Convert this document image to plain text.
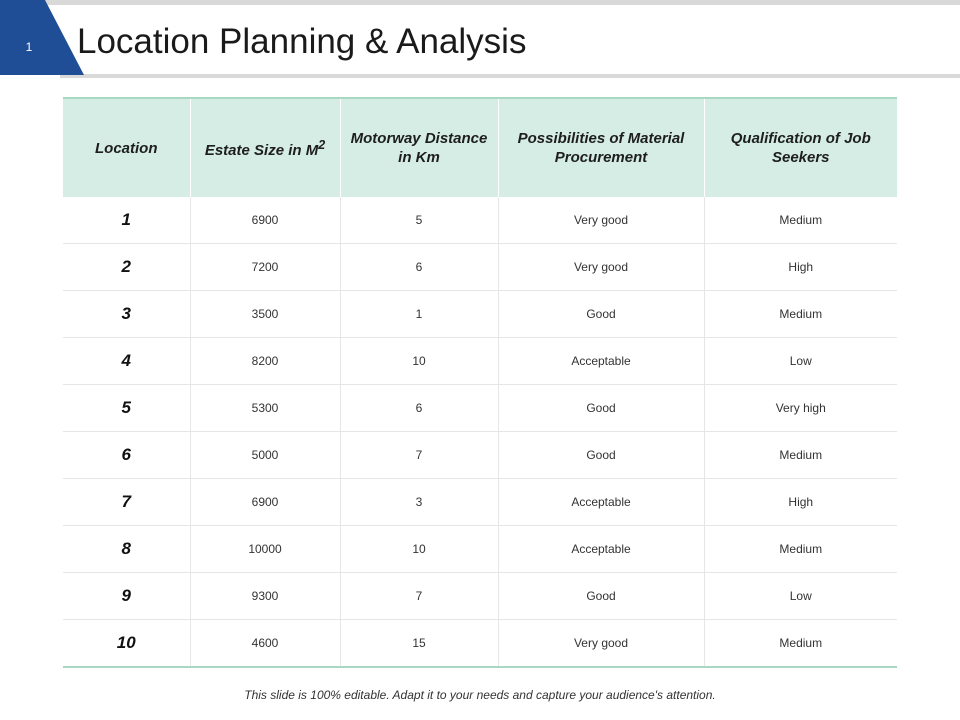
1	Location Planning & Analysis
Location	Estate Size in $M^2$	Motorway Distance in Km	Possibilities of Material Procurement	Qualification of Job Seekers
1	6900	5	Very good	Medium
2	7200	6	Very good	High
3	3500	1	Good	Medium
4	8200	10	Acceptable	Low
5	5300	6	Good	Very high
6	5000	7	Good	Medium
7	6900	3	Acceptable	High
8	10000	10	Acceptable	Medium
9	9300	7	Good	Low
10	4600	15	Very good	Medium
This slide is 100% editable. Adapt it to your needs and capture your audience's attention.
